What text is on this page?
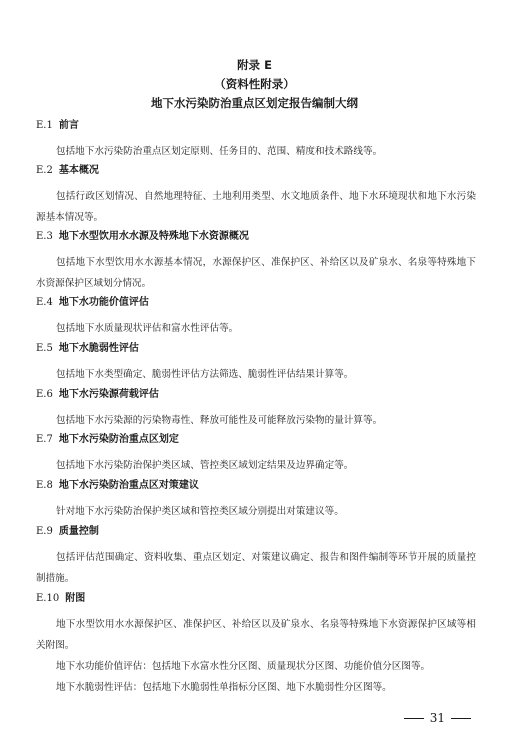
附录 E
（资料性附录）
地下水污染防治重点区划定报告编制大纲
E.1 前言

包括地下水污染防治重点区划定原则、任务目的、范围、精度和技术路线等。

E.2 基本概况

包括行政区划情况、自然地理特征、土地利用类型、水文地质条件、地下水环境现状和地下水污染源基本情况等。

E.3 地下水型饮用水水源及特殊地下水资源概况

包括地下水型饮用水水源基本情况，水源保护区、准保护区、补给区以及矿泉水、名泉等特殊地下水资源保护区域划分情况。

E.4 地下水功能价值评估

包括地下水质量现状评估和富水性评估等。

E.5 地下水脆弱性评估

包括地下水类型确定、脆弱性评估方法筛选、脆弱性评估结果计算等。

E.6 地下水污染源荷载评估

包括地下水污染源的污染物毒性、释放可能性及可能释放污染物的量计算等。

E.7 地下水污染防治重点区划定

包括地下水污染防治保护类区域、管控类区域划定结果及边界确定等。

E.8 地下水污染防治重点区对策建议

针对地下水污染防治保护类区域和管控类区域分别提出对策建议等。

E.9 质量控制

包括评估范围确定、资料收集、重点区划定、对策建议确定、报告和图件编制等环节开展的质量控制措施。

E.10 附图

地下水型饮用水水源保护区、准保护区、补给区以及矿泉水、名泉等特殊地下水资源保护区域等相关附图。

地下水功能价值评估：包括地下水富水性分区图、质量现状分区图、功能价值分区图等。

地下水脆弱性评估：包括地下水脆弱性单指标分区图、地下水脆弱性分区图等。

31
